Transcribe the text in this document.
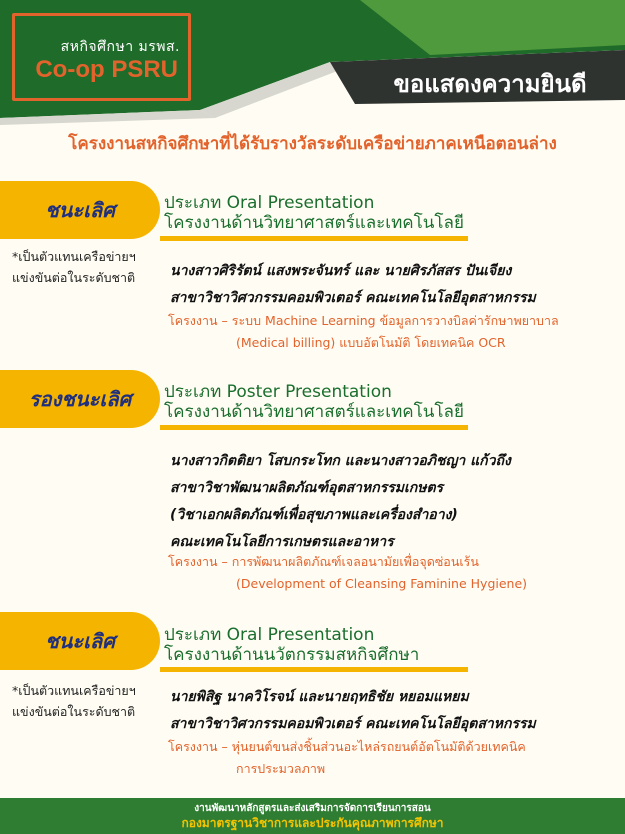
สหกิจศึกษา มรพส.
Co-op PSRU
ขอแสดงความยินดี
โครงงานสหกิจศึกษาที่ได้รับรางวัลระดับเครือข่ายภาคเหนือตอนล่าง
ชนะเลิศ	ประเภท Oral Presentation
โครงงานด้านวิทยาศาสตร์และเทคโนโลยี
*เป็นตัวแทนเครือข่ายฯ
แข่งขันต่อในระดับชาติ	นางสาวศิริรัตน์ แสงพระจันทร์ และ นายศิรภัสสร ปันเจียง
สาขาวิชาวิศวกรรมคอมพิวเตอร์ คณะเทคโนโลยีอุตสาหกรรม
โครงงาน – ระบบ Machine Learning ข้อมูลการวางบิลค่ารักษาพยาบาล
(Medical billing) แบบอัตโนมัติ โดยเทคนิค OCR
รองชนะเลิศ	ประเภท Poster Presentation
โครงงานด้านวิทยาศาสตร์และเทคโนโลยี
นางสาวกิตติยา โสบกระโทก และนางสาวอภิชญา แก้วถึง
สาขาวิชาพัฒนาผลิตภัณฑ์อุตสาหกรรมเกษตร
(วิชาเอกผลิตภัณฑ์เพื่อสุขภาพและเครื่องสำอาง)
คณะเทคโนโลยีการเกษตรและอาหาร
โครงงาน – การพัฒนาผลิตภัณฑ์เจลอนามัยเพื่อจุดซ่อนเร้น
(Development of Cleansing Faminine Hygiene)
ชนะเลิศ	ประเภท Oral Presentation
โครงงานด้านนวัตกรรมสหกิจศึกษา
*เป็นตัวแทนเครือข่ายฯ
แข่งขันต่อในระดับชาติ
นายพิสิฐ นาควิโรจน์ และนายฤทธิชัย หยอมแหยม
สาขาวิชาวิศวกรรมคอมพิวเตอร์ คณะเทคโนโลยีอุตสาหกรรม
โครงงาน – หุ่นยนต์ขนส่งชิ้นส่วนอะไหล่รถยนต์อัตโนมัติด้วยเทคนิค
การประมวลภาพ
งานพัฒนาหลักสูตรและส่งเสริมการจัดการเรียนการสอน
กองมาตรฐานวิชาการและประกันคุณภาพการศึกษา
